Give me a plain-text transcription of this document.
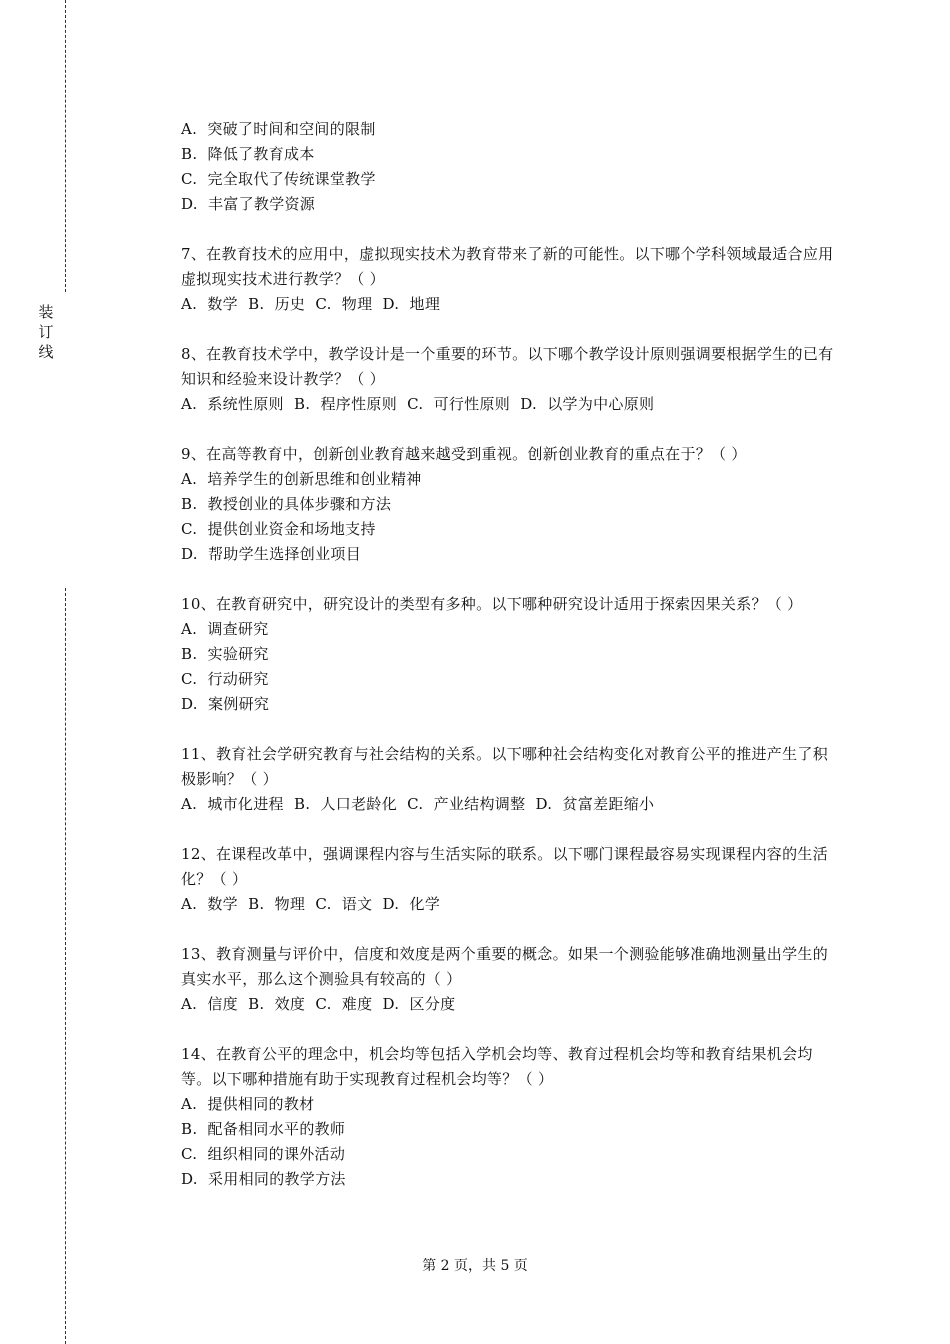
装
订
线
A.  突破了时间和空间的限制
B.  降低了教育成本
C.  完全取代了传统课堂教学
D.  丰富了教学资源
7、在教育技术的应用中，虚拟现实技术为教育带来了新的可能性。以下哪个学科领域最适合应用虚拟现实技术进行教学？（ ）
A.  数学  B.  历史  C.  物理  D.  地理
8、在教育技术学中，教学设计是一个重要的环节。以下哪个教学设计原则强调要根据学生的已有知识和经验来设计教学？（ ）
A.  系统性原则  B.  程序性原则  C.  可行性原则  D.  以学为中心原则
9、在高等教育中，创新创业教育越来越受到重视。创新创业教育的重点在于？（ ）
A.  培养学生的创新思维和创业精神
B.  教授创业的具体步骤和方法
C.  提供创业资金和场地支持
D.  帮助学生选择创业项目
10、在教育研究中，研究设计的类型有多种。以下哪种研究设计适用于探索因果关系？（ ）
A.  调查研究
B.  实验研究
C.  行动研究
D.  案例研究
11、教育社会学研究教育与社会结构的关系。以下哪种社会结构变化对教育公平的推进产生了积极影响？（ ）
A.  城市化进程  B.  人口老龄化  C.  产业结构调整  D.  贫富差距缩小
12、在课程改革中，强调课程内容与生活实际的联系。以下哪门课程最容易实现课程内容的生活化？（ ）
A.  数学  B.  物理  C.  语文  D.  化学
13、教育测量与评价中，信度和效度是两个重要的概念。如果一个测验能够准确地测量出学生的真实水平，那么这个测验具有较高的（ ）
A.  信度  B.  效度  C.  难度  D.  区分度
14、在教育公平的理念中，机会均等包括入学机会均等、教育过程机会均等和教育结果机会均等。以下哪种措施有助于实现教育过程机会均等？（ ）
A.  提供相同的教材
B.  配备相同水平的教师
C.  组织相同的课外活动
D.  采用相同的教学方法
第 2 页，共 5 页
